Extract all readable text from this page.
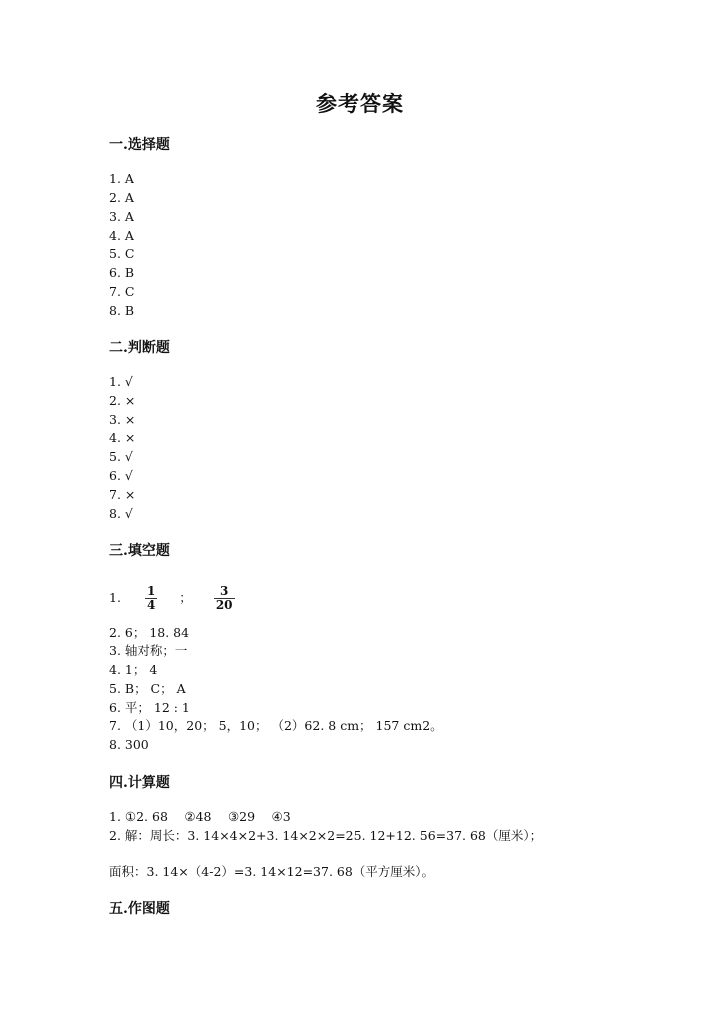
参考答案
一.选择题
1. A
2. A
3. A
4. A
5. C
6. B
7. C
8. B
二.判断题
1. √
2. ×
3. ×
4. ×
5. √
6. √
7. ×
8. √
三.填空题
1. $\frac{1}{4}$ ； $\frac{3}{20}$
2. 6； 18. 84
3. 轴对称；一
4. 1； 4
5. B； C； A
6. 平； 12 : 1
7. （1）10，20； 5，10； （2）62. 8 cm； 157 cm2。
8. 300
四.计算题
1. ①2. 68　 ②48　 ③29　 ④3
2. 解：周长：3. 14×4×2+3. 14×2×2=25. 12+12. 56=37. 68（厘米）；
面积：3. 14×（4-2）=3. 14×12=37. 68（平方厘米）。
五.作图题
